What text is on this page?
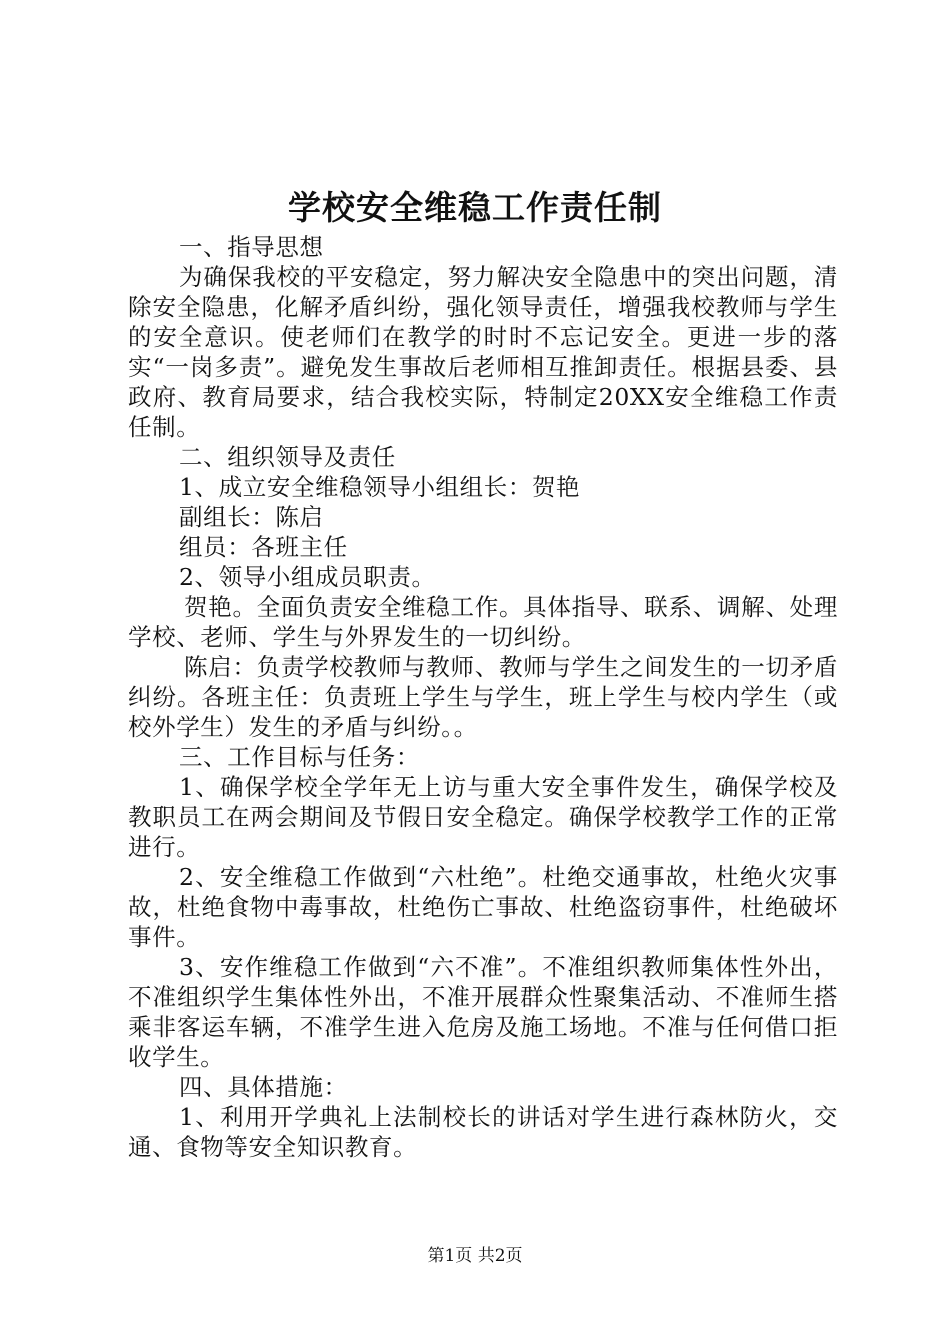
学校安全维稳工作责任制

一、指导思想

为确保我校的平安稳定，努力解决安全隐患中的突出问题，清除安全隐患，化解矛盾纠纷，强化领导责任，增强我校教师与学生的安全意识。使老师们在教学的时时不忘记安全。更进一步的落实“一岗多责”。避免发生事故后老师相互推卸责任。根据县委、县政府、教育局要求，结合我校实际，特制定20XX安全维稳工作责任制。

二、组织领导及责任

1、成立安全维稳领导小组组长：贺艳

副组长：陈启

组员：各班主任

2、领导小组成员职责。

贺艳。全面负责安全维稳工作。具体指导、联系、调解、处理学校、老师、学生与外界发生的一切纠纷。

陈启：负责学校教师与教师、教师与学生之间发生的一切矛盾纠纷。各班主任：负责班上学生与学生，班上学生与校内学生（或校外学生）发生的矛盾与纠纷。。

三、工作目标与任务：

1、确保学校全学年无上访与重大安全事件发生，确保学校及教职员工在两会期间及节假日安全稳定。确保学校教学工作的正常进行。

2、安全维稳工作做到“六杜绝”。杜绝交通事故，杜绝火灾事故，杜绝食物中毒事故，杜绝伤亡事故、杜绝盗窃事件，杜绝破坏事件。

3、安作维稳工作做到“六不准”。不准组织教师集体性外出，不准组织学生集体性外出，不准开展群众性聚集活动、不准师生搭乘非客运车辆，不准学生进入危房及施工场地。不准与任何借口拒收学生。

四、具体措施：

1、利用开学典礼上法制校长的讲话对学生进行森林防火，交通、食物等安全知识教育。

第1页 共2页
